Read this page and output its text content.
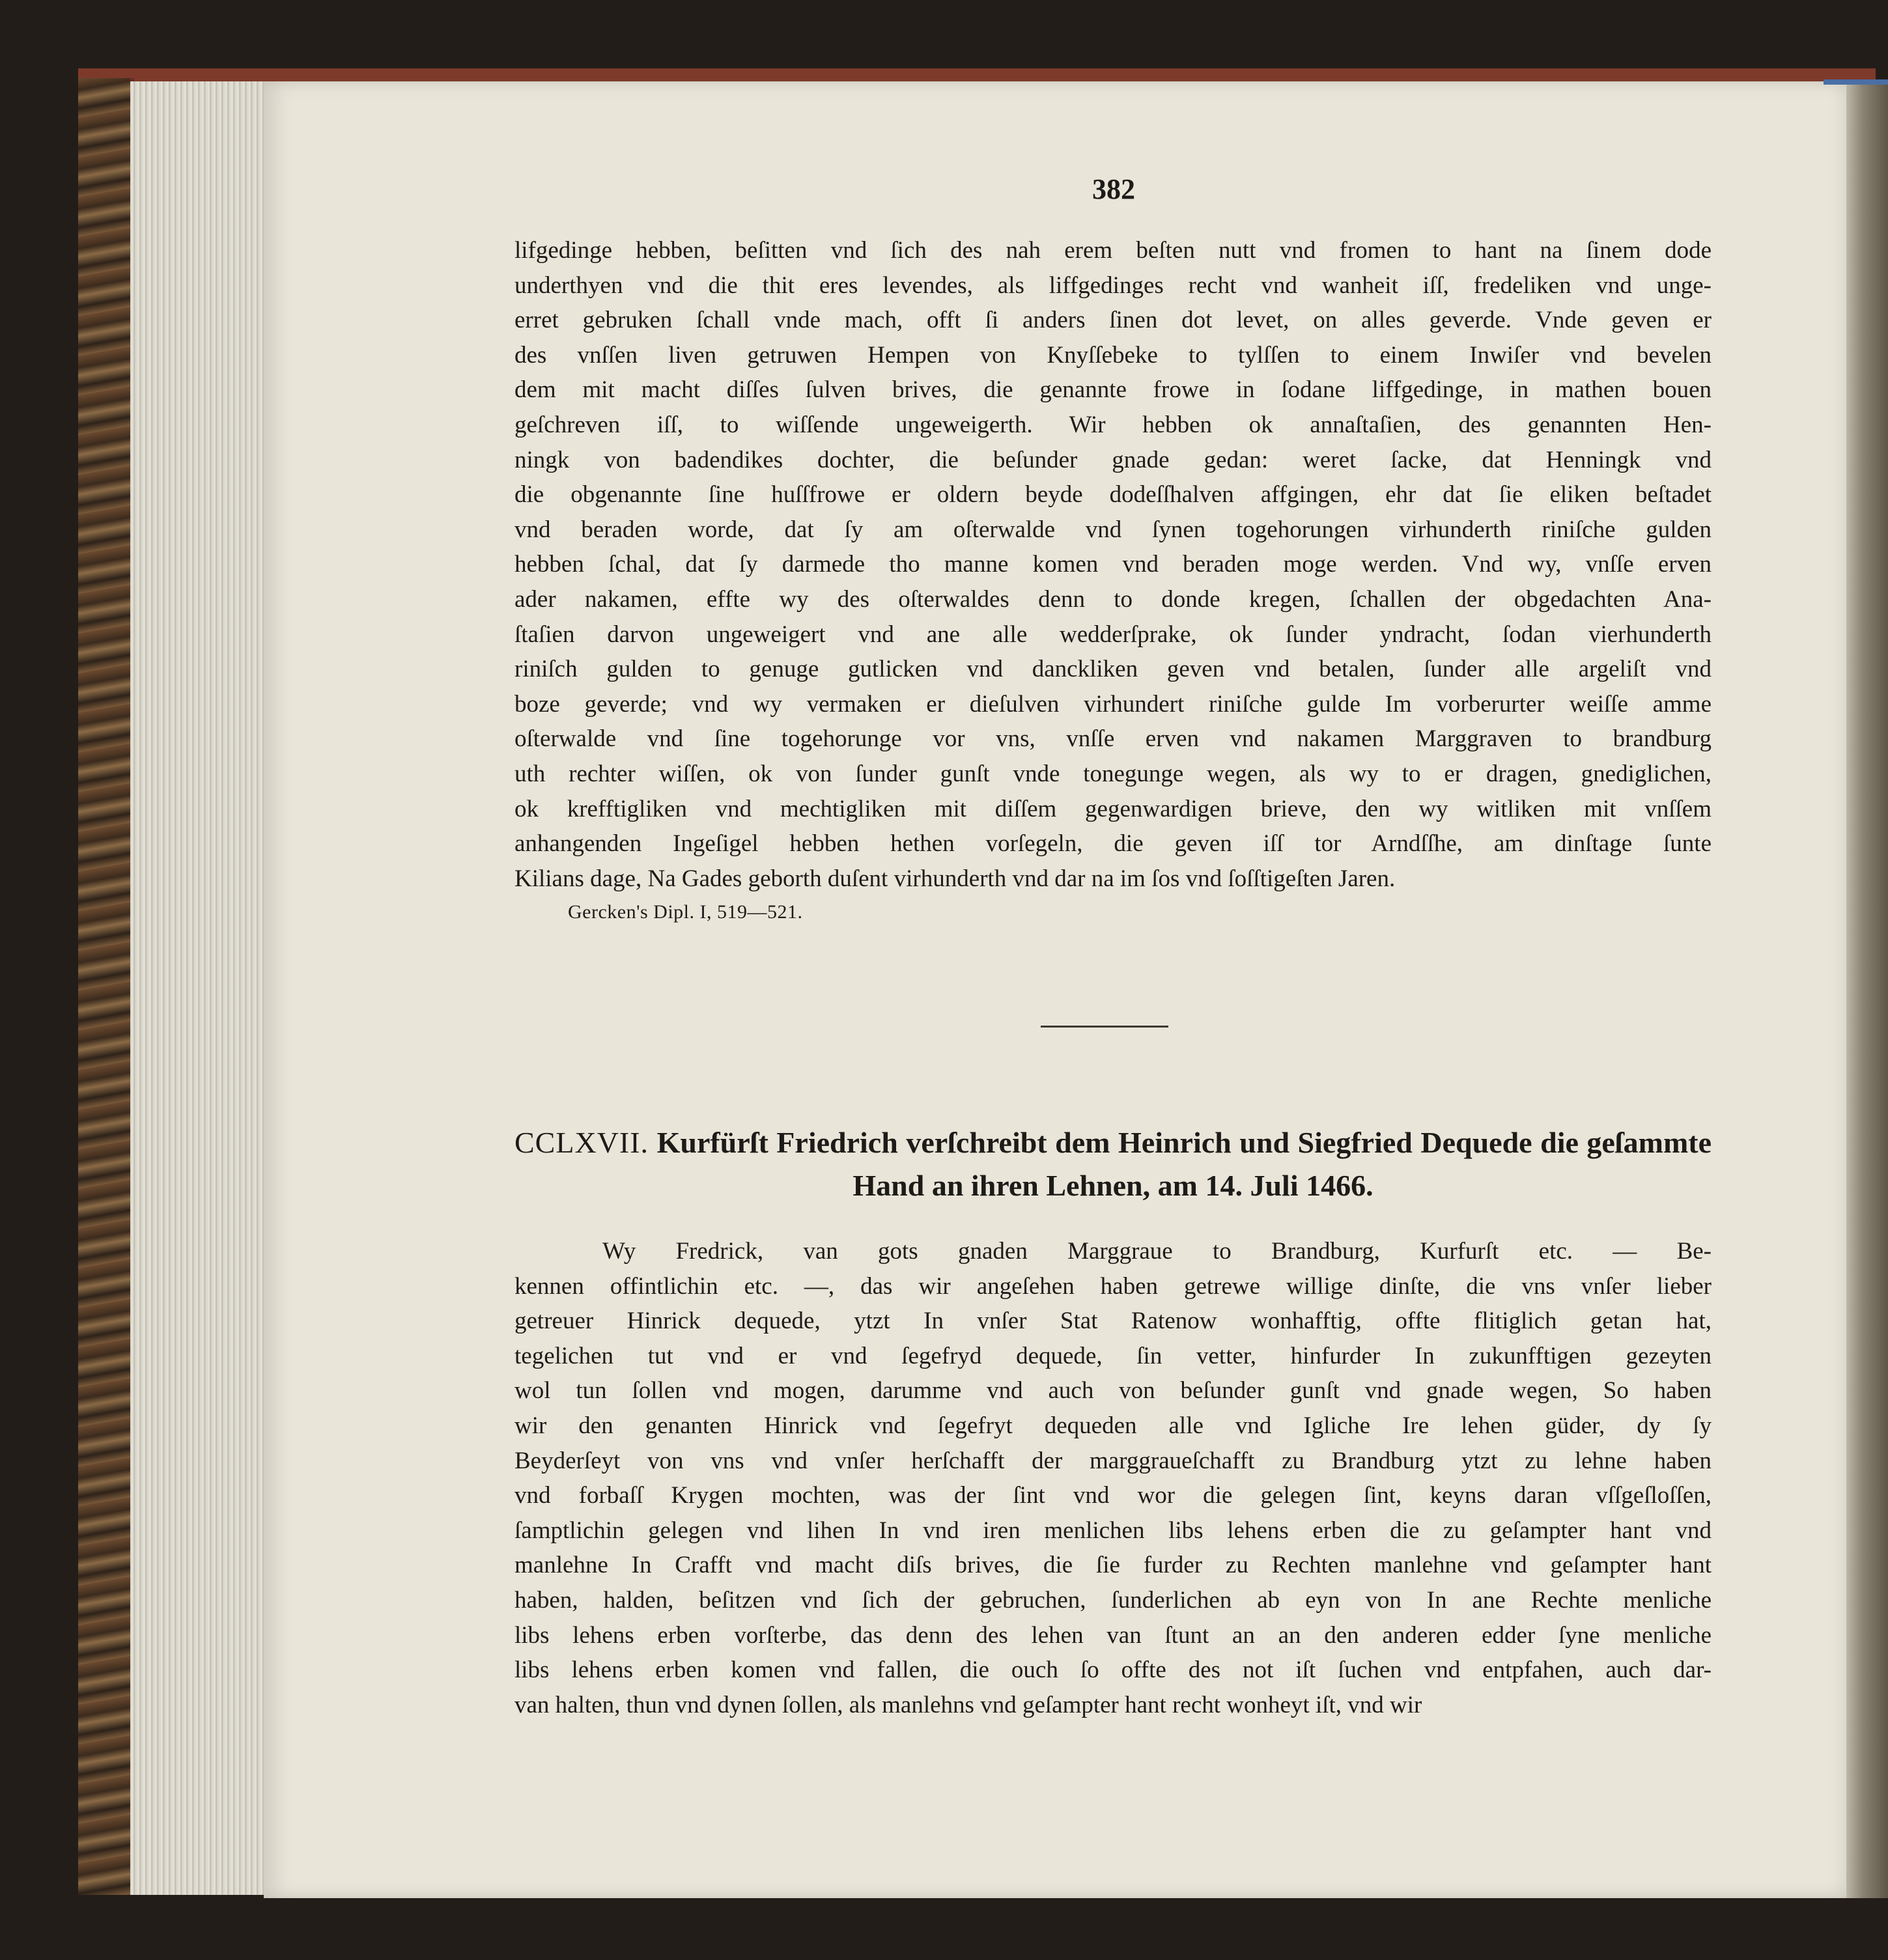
382
lifgedinge hebben, beſitten vnd ſich des nah erem beſten nutt vnd fromen to hant na ſinem dode
underthyen vnd die thit eres levendes, als liffgedinges recht vnd wanheit iſſ, fredeliken vnd unge-
erret gebruken ſchall vnde mach, offt ſi anders ſinen dot levet, on alles geverde. Vnde geven er
des vnſſen liven getruwen Hempen von Knyſſebeke to tylſſen to einem Inwiſer vnd bevelen
dem mit macht diſſes ſulven brives, die genannte frowe in ſodane liffgedinge, in mathen bouen
geſchreven iſſ, to wiſſende ungeweigerth. Wir hebben ok annaſtaſien, des genannten Hen-
ningk von badendikes dochter, die beſunder gnade gedan: weret ſacke, dat Henningk vnd
die obgenannte ſine huſſfrowe er oldern beyde dodeſſhalven affgingen, ehr dat ſie eliken beſtadet
vnd beraden worde, dat ſy am oſterwalde vnd ſynen togehorungen virhunderth riniſche gulden
hebben ſchal, dat ſy darmede tho manne komen vnd beraden moge werden. Vnd wy, vnſſe erven
ader nakamen, effte wy des oſterwaldes denn to donde kregen, ſchallen der obgedachten Ana-
ſtaſien darvon ungeweigert vnd ane alle wedderſprake, ok ſunder yndracht, ſodan vierhunderth
riniſch gulden to genuge gutlicken vnd danckliken geven vnd betalen, ſunder alle argeliſt vnd
boze geverde; vnd wy vermaken er dieſulven virhundert riniſche gulde Im vorberurter weiſſe amme
oſterwalde vnd ſine togehorunge vor vns, vnſſe erven vnd nakamen Marggraven to brandburg
uth rechter wiſſen, ok von ſunder gunſt vnde tonegunge wegen, als wy to er dragen, gnediglichen,
ok krefftigliken vnd mechtigliken mit diſſem gegenwardigen brieve, den wy witliken mit vnſſem
anhangenden Ingeſigel hebben hethen vorſegeln, die geven iſſ tor Arndſſhe, am dinſtage ſunte
Kilians dage, Na Gades geborth duſent virhunderth vnd dar na im ſos vnd ſoſſtigeſten Jaren.
Gercken's Dipl. I, 519—521.
CCLXVII. Kurfürſt Friedrich verſchreibt dem Heinrich und Siegfried Dequede die geſammte
Hand an ihren Lehnen, am 14. Juli 1466.
Wy Fredrick, van gots gnaden Marggraue to Brandburg, Kurfurſt etc. — Be-
kennen offintlichin etc. —, das wir angeſehen haben getrewe willige dinſte, die vns vnſer lieber
getreuer Hinrick dequede, ytzt In vnſer Stat Ratenow wonhafftig, offte flitiglich getan hat,
tegelichen tut vnd er vnd ſegefryd dequede, ſin vetter, hinfurder In zukunfftigen gezeyten
wol tun ſollen vnd mogen, darumme vnd auch von beſunder gunſt vnd gnade wegen, So haben
wir den genanten Hinrick vnd ſegefryt dequeden alle vnd Igliche Ire lehen güder, dy ſy
Beyderſeyt von vns vnd vnſer herſchafft der marggraueſchafft zu Brandburg ytzt zu lehne haben
vnd forbaſſ Krygen mochten, was der ſint vnd wor die gelegen ſint, keyns daran vſſgeſloſſen,
ſamptlichin gelegen vnd lihen In vnd iren menlichen libs lehens erben die zu geſampter hant vnd
manlehne In Crafft vnd macht diſs brives, die ſie furder zu Rechten manlehne vnd geſampter hant
haben, halden, beſitzen vnd ſich der gebruchen, ſunderlichen ab eyn von In ane Rechte menliche
libs lehens erben vorſterbe, das denn des lehen van ſtunt an an den anderen edder ſyne menliche
libs lehens erben komen vnd fallen, die ouch ſo offte des not iſt ſuchen vnd entpfahen, auch dar-
van halten, thun vnd dynen ſollen, als manlehns vnd geſampter hant recht wonheyt iſt, vnd wir
